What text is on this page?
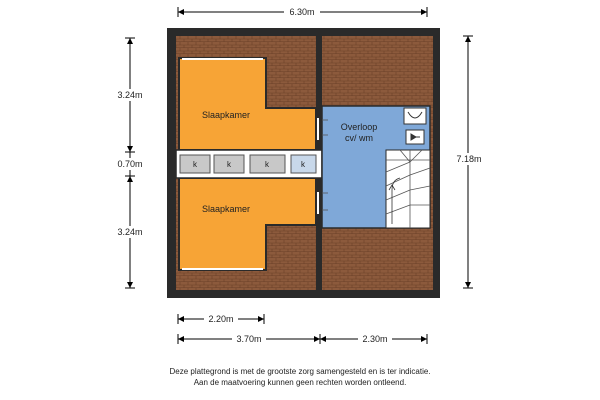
k	k	k	k
Slaapkamer
Slaapkamer
Overloop
cv/ wm
6.30m
3.24m
0.70m
3.24m
7.18m
2.20m
3.70m	2.30m
Deze plattegrond is met de grootste zorg samengesteld en is ter indicatie.
Aan de maatvoering kunnen geen rechten worden ontleend.
